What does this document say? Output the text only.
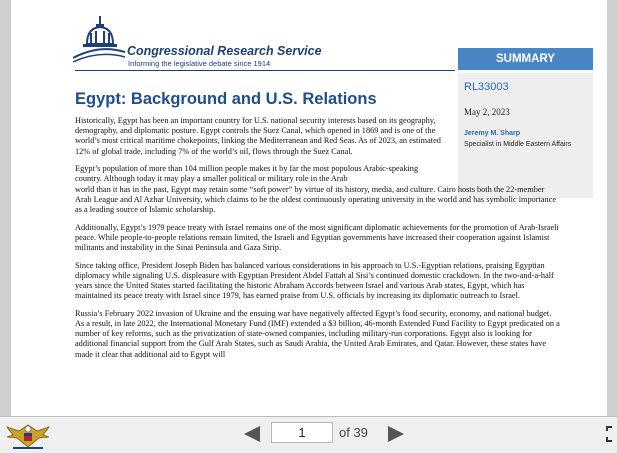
Congressional Research Service
Informing the legislative debate since 1914	SUMMARY
RL33003
May 2, 2023
Jeremy M. Sharp
Specialist in Middle Eastern Affairs
Egypt: Background and U.S. Relations

Historically, Egypt has been an important country for U.S. national security interests based on its geography, demography, and diplomatic posture. Egypt controls the Suez Canal, which opened in 1869 and is one of the world’s most critical maritime chokepoints, linking the Mediterranean and Red Seas. As of 2023, an estimated 12% of global trade, including 7% of the world’s oil, flows through the Suez Canal.

Egypt’s population of more than 104 million people makes it by far the most populous Arabic-speaking country. Although today it may play a smaller political or military role in the Arab
world than it has in the past, Egypt may retain some “soft power” by virtue of its history, media, and culture. Cairo hosts both the 22-member Arab League and Al Azhar University, which claims to be the oldest continuously operating university in the world and has symbolic importance as a leading source of Islamic scholarship.

Additionally, Egypt’s 1979 peace treaty with Israel remains one of the most significant diplomatic achievements for the promotion of Arab-Israeli peace. While people-to-people relations remain limited, the Israeli and Egyptian governments have increased their cooperation against Islamist militants and instability in the Sinai Peninsula and Gaza Strip.

Since taking office, President Joseph Biden has balanced various considerations in his approach to U.S.-Egyptian relations, praising Egyptian diplomacy while signaling U.S. displeasure with Egyptian President Abdel Fattah al Sisi’s continued domestic crackdown. In the two-and-a-half years since the United States started facilitating the historic Abraham Accords between Israel and various Arab states, Egypt, which has maintained its peace treaty with Israel since 1979, has earned praise from U.S. officials by increasing its diplomatic outreach to Israel.

Russia’s February 2022 invasion of Ukraine and the ensuing war have negatively affected Egypt’s food security, economy, and national budget. As a result, in late 2022, the International Monetary Fund (IMF) extended a $3 billion, 46-month Extended Fund Facility to Egypt predicated on a number of key reforms, such as the privatization of state-owned companies, including military-run corporations. Egypt also is looking for additional financial support from the Gulf Arab States, such as Saudi Arabia, the United Arab Emirates, and Qatar. However, these states have made it clear that additional aid to Egypt will

1
of 39
